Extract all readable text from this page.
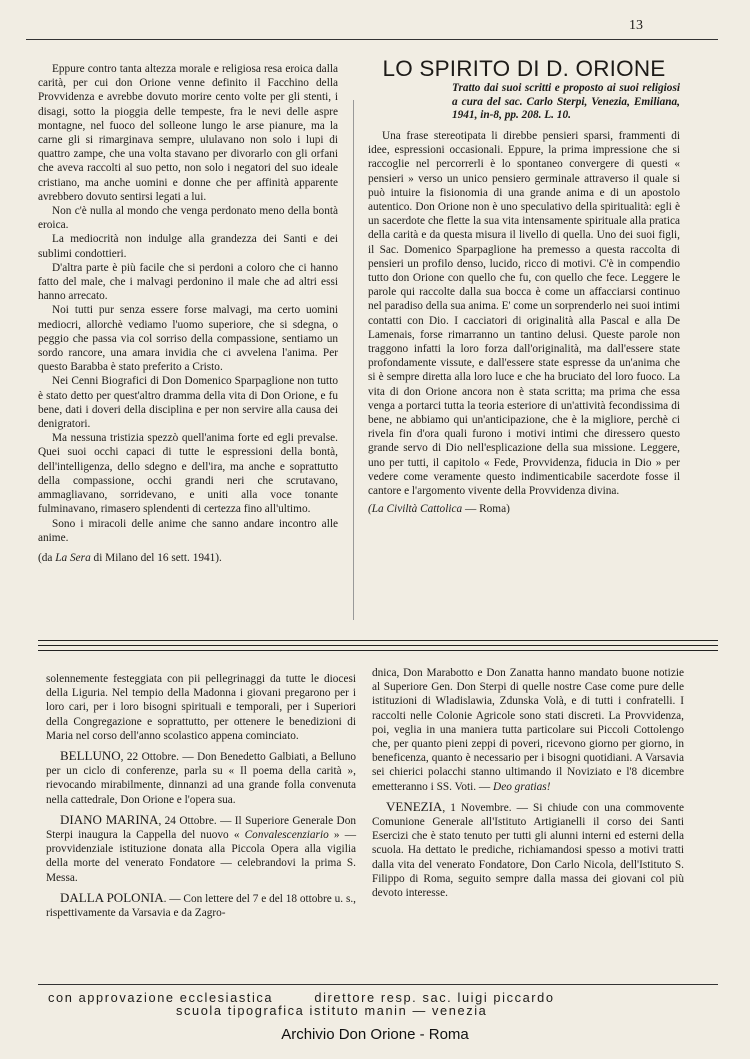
13

Eppure contro tanta altezza morale e religiosa resa eroica dalla carità, per cui don Orione venne definito il Facchino della Provvidenza e avrebbe dovuto morire cento volte per gli stenti, i disagi, sotto la pioggia delle tempeste, fra le nevi delle aspre montagne, nel fuoco del solleone lungo le arse pianure, ma la carne gli si rimarginava sempre, ululavano non solo i lupi di quattro zampe, che una volta stavano per divorarlo con gli orfani che aveva raccolti al suo petto, non solo i negatori del suo ideale cristiano, ma anche uomini e donne che per affinità apparente avrebbero dovuto sentirsi legati a lui.

Non c'è nulla al mondo che venga perdonato meno della bontà eroica.

La mediocrità non indulge alla grandezza dei Santi e dei sublimi condottieri.

D'altra parte è più facile che si perdoni a coloro che ci hanno fatto del male, che i malvagi perdonino il male che ad altri essi hanno arrecato.

Noi tutti pur senza essere forse malvagi, ma certo uomini mediocri, allorchè vediamo l'uomo superiore, che si sdegna, o peggio che passa via col sorriso della compassione, sentiamo un sordo rancore, una amara invidia che ci avvelena l'anima. Per questo Barabba è stato preferito a Cristo.

Nei Cenni Biografici di Don Domenico Sparpaglione non tutto è stato detto per quest'altro dramma della vita di Don Orione, e fu bene, dati i doveri della disciplina e per non servire alla causa dei denigratori.

Ma nessuna tristizia spezzò quell'anima forte ed egli prevalse. Quei suoi occhi capaci di tutte le espressioni della bontà, dell'intelligenza, dello sdegno e dell'ira, ma anche e soprattutto della compassione, occhi grandi neri che scrutavano, ammagliavano, sorridevano, e uniti alla voce tonante fulminavano, rimasero splendenti di certezza fino all'ultimo.

Sono i miracoli delle anime che sanno andare incontro alle anime.

(da La Sera di Milano del 16 sett. 1941).

LO SPIRITO DI D. ORIONE
Tratto dai suoi scritti e proposto ai suoi religiosi a cura del sac. Carlo Sterpi, Venezia, Emiliana, 1941, in-8, pp. 208. L. 10.

Una frase stereotipata li direbbe pensieri sparsi, frammenti di idee, espressioni occasionali. Eppure, la prima impressione che si raccoglie nel percorrerli è lo spontaneo convergere di questi « pensieri » verso un unico pensiero germinale attraverso il quale si può intuire la fisionomia di una grande anima e di un apostolo autentico. Don Orione non è uno speculativo della spiritualità: egli è un sacerdote che flette la sua vita intensamente spirituale alla pratica della carità e da questa misura il livello di quella. Uno dei suoi figli, il Sac. Domenico Sparpaglione ha premesso a questa raccolta di pensieri un profilo denso, lucido, ricco di motivi. C'è in compendio tutto don Orione con quello che fu, con quello che fece. Leggere le parole qui raccolte dalla sua bocca è come un affacciarsi continuo nel paradiso della sua anima. E' come un sorprenderlo nei suoi intimi contatti con Dio. I cacciatori di originalità alla Pascal e alla De Lamenais, forse rimarranno un tantino delusi. Queste parole non traggono infatti la loro forza dall'originalità, ma dall'essere state profondamente vissute, e dall'essere state espresse da un'anima che si è sempre diretta alla loro luce e che ha bruciato del loro fuoco. La vita di don Orione ancora non è stata scritta; ma prima che essa venga a portarci tutta la teoria esteriore di un'attività fecondissima di bene, ne abbiamo qui un'anticipazione, che è la migliore, perchè ci rivela fin d'ora quali furono i motivi intimi che diressero questo grande servo di Dio nell'esplicazione della sua missione. Leggere, uno per tutti, il capitolo « Fede, Provvidenza, fiducia in Dio » per vedere come veramente questo indimenticabile sacerdote fosse il cantore e l'argomento vivente della Provvidenza divina.

(La Civiltà Cattolica — Roma)

solennemente festeggiata con pii pellegrinaggi da tutte le diocesi della Liguria. Nel tempio della Madonna i giovani pregarono per i loro cari, per i loro bisogni spirituali e temporali, per i Superiori della Congregazione e soprattutto, per ottenere le benedizioni di Maria nel corso dell'anno scolastico appena cominciato.

BELLUNO, 22 Ottobre. — Don Benedetto Galbiati, a Belluno per un ciclo di conferenze, parla su « Il poema della carità », rievocando mirabilmente, dinnanzi ad una grande folla convenuta nella cattedrale, Don Orione e l'opera sua.

DIANO MARINA, 24 Ottobre. — Il Superiore Generale Don Sterpi inaugura la Cappella del nuovo « Convalescenziario » — provvidenziale istituzione donata alla Piccola Opera alla vigilia della morte del venerato Fondatore — celebrandovi la prima S. Messa.

DALLA POLONIA. — Con lettere del 7 e del 18 ottobre u. s., rispettivamente da Varsavia e da Zagro-

dnica, Don Marabotto e Don Zanatta hanno mandato buone notizie al Superiore Gen. Don Sterpi di quelle nostre Case come pure delle istituzioni di Wladislawia, Zdunska Volà, e di tutti i confratelli. I raccolti nelle Colonie Agricole sono stati discreti. La Provvidenza, poi, veglia in una maniera tutta particolare sui Piccoli Cottolengo che, per quanto pieni zeppi di poveri, ricevono giorno per giorno, in beneficenza, quanto è necessario per i bisogni quotidiani. A Varsavia sei chierici polacchi stanno ultimando il Noviziato e l'8 dicembre emetteranno i SS. Voti. — Deo gratias!

VENEZIA, 1 Novembre. — Si chiude con una commovente Comunione Generale all'Istituto Artigianelli il corso dei Santi Esercizi che è stato tenuto per tutti gli alunni interni ed esterni della scuola. Ha dettato le prediche, richiamandosi spesso a motivi tratti dalla vita del venerato Fondatore, Don Carlo Nicola, dell'Istituto S. Filippo di Roma, seguito sempre dalla massa dei giovani col più devoto interesse.

con approvazione ecclesiastica        direttore resp. sac. luigi piccardo
scuola tipografica istituto manin — venezia
Archivio Don Orione - Roma
